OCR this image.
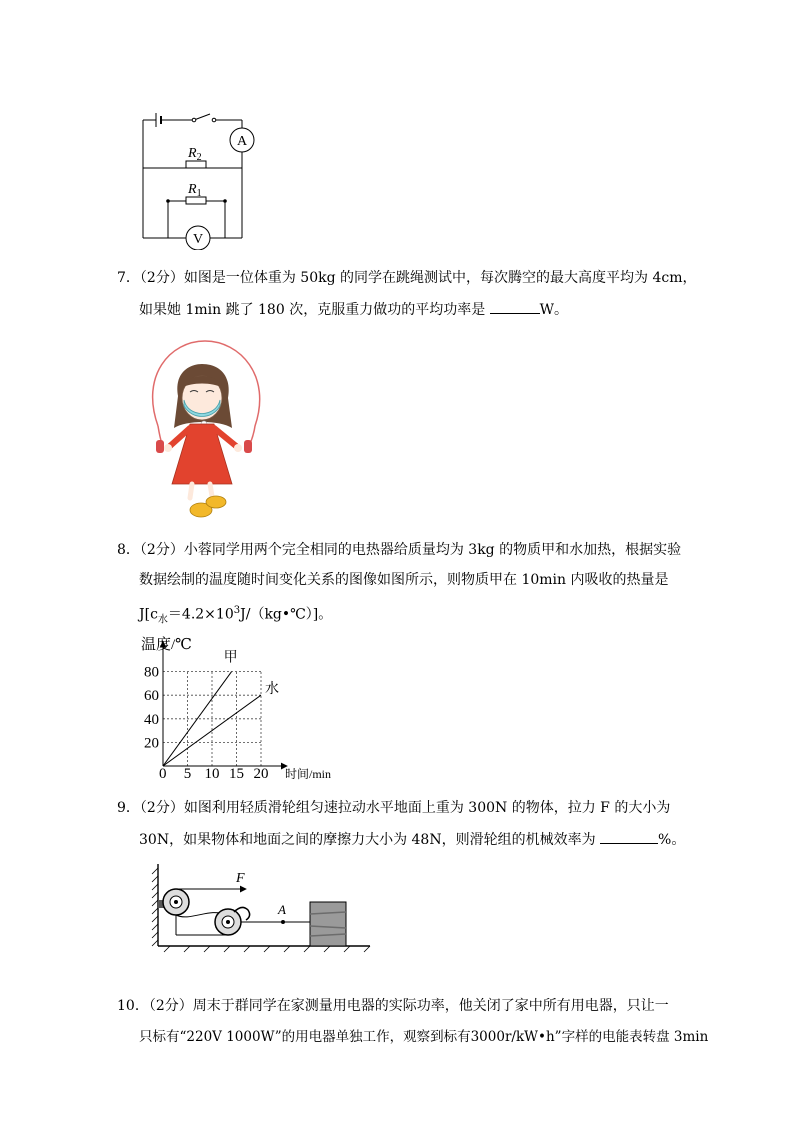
A
$R_2$
$R_1$
V
7．（2分）如图是一位体重为 50kg 的同学在跳绳测试中，每次腾空的最大高度平均为 4cm，
如果她 1min 跳了 180 次，克服重力做功的平均功率是	W。
8．（2分）小蓉同学用两个完全相同的电热器给质量均为 3kg 的物质甲和水加热，根据实验
数据绘制的温度随时间变化关系的图像如图所示，则物质甲在 10min 内吸收的热量是
$J[c_水=4.2\times 10^3J/(kg•℃)]$。
甲
水
5 10 15 20
20
40
60
80
温度/℃
时间/min
0
9．（2分）如图利用轻质滑轮组匀速拉动水平地面上重为 300N 的物体，拉力 F 的大小为
30N，如果物体和地面之间的摩擦力大小为 48N，则滑轮组的机械效率为	%。
F
A
10．（2分）周末于群同学在家测量用电器的实际功率，他关闭了家中所有用电器，只让一
只标有“220V 1000W”的用电器单独工作，观察到标有3000r/kW•h”字样的电能表转盘 3min
